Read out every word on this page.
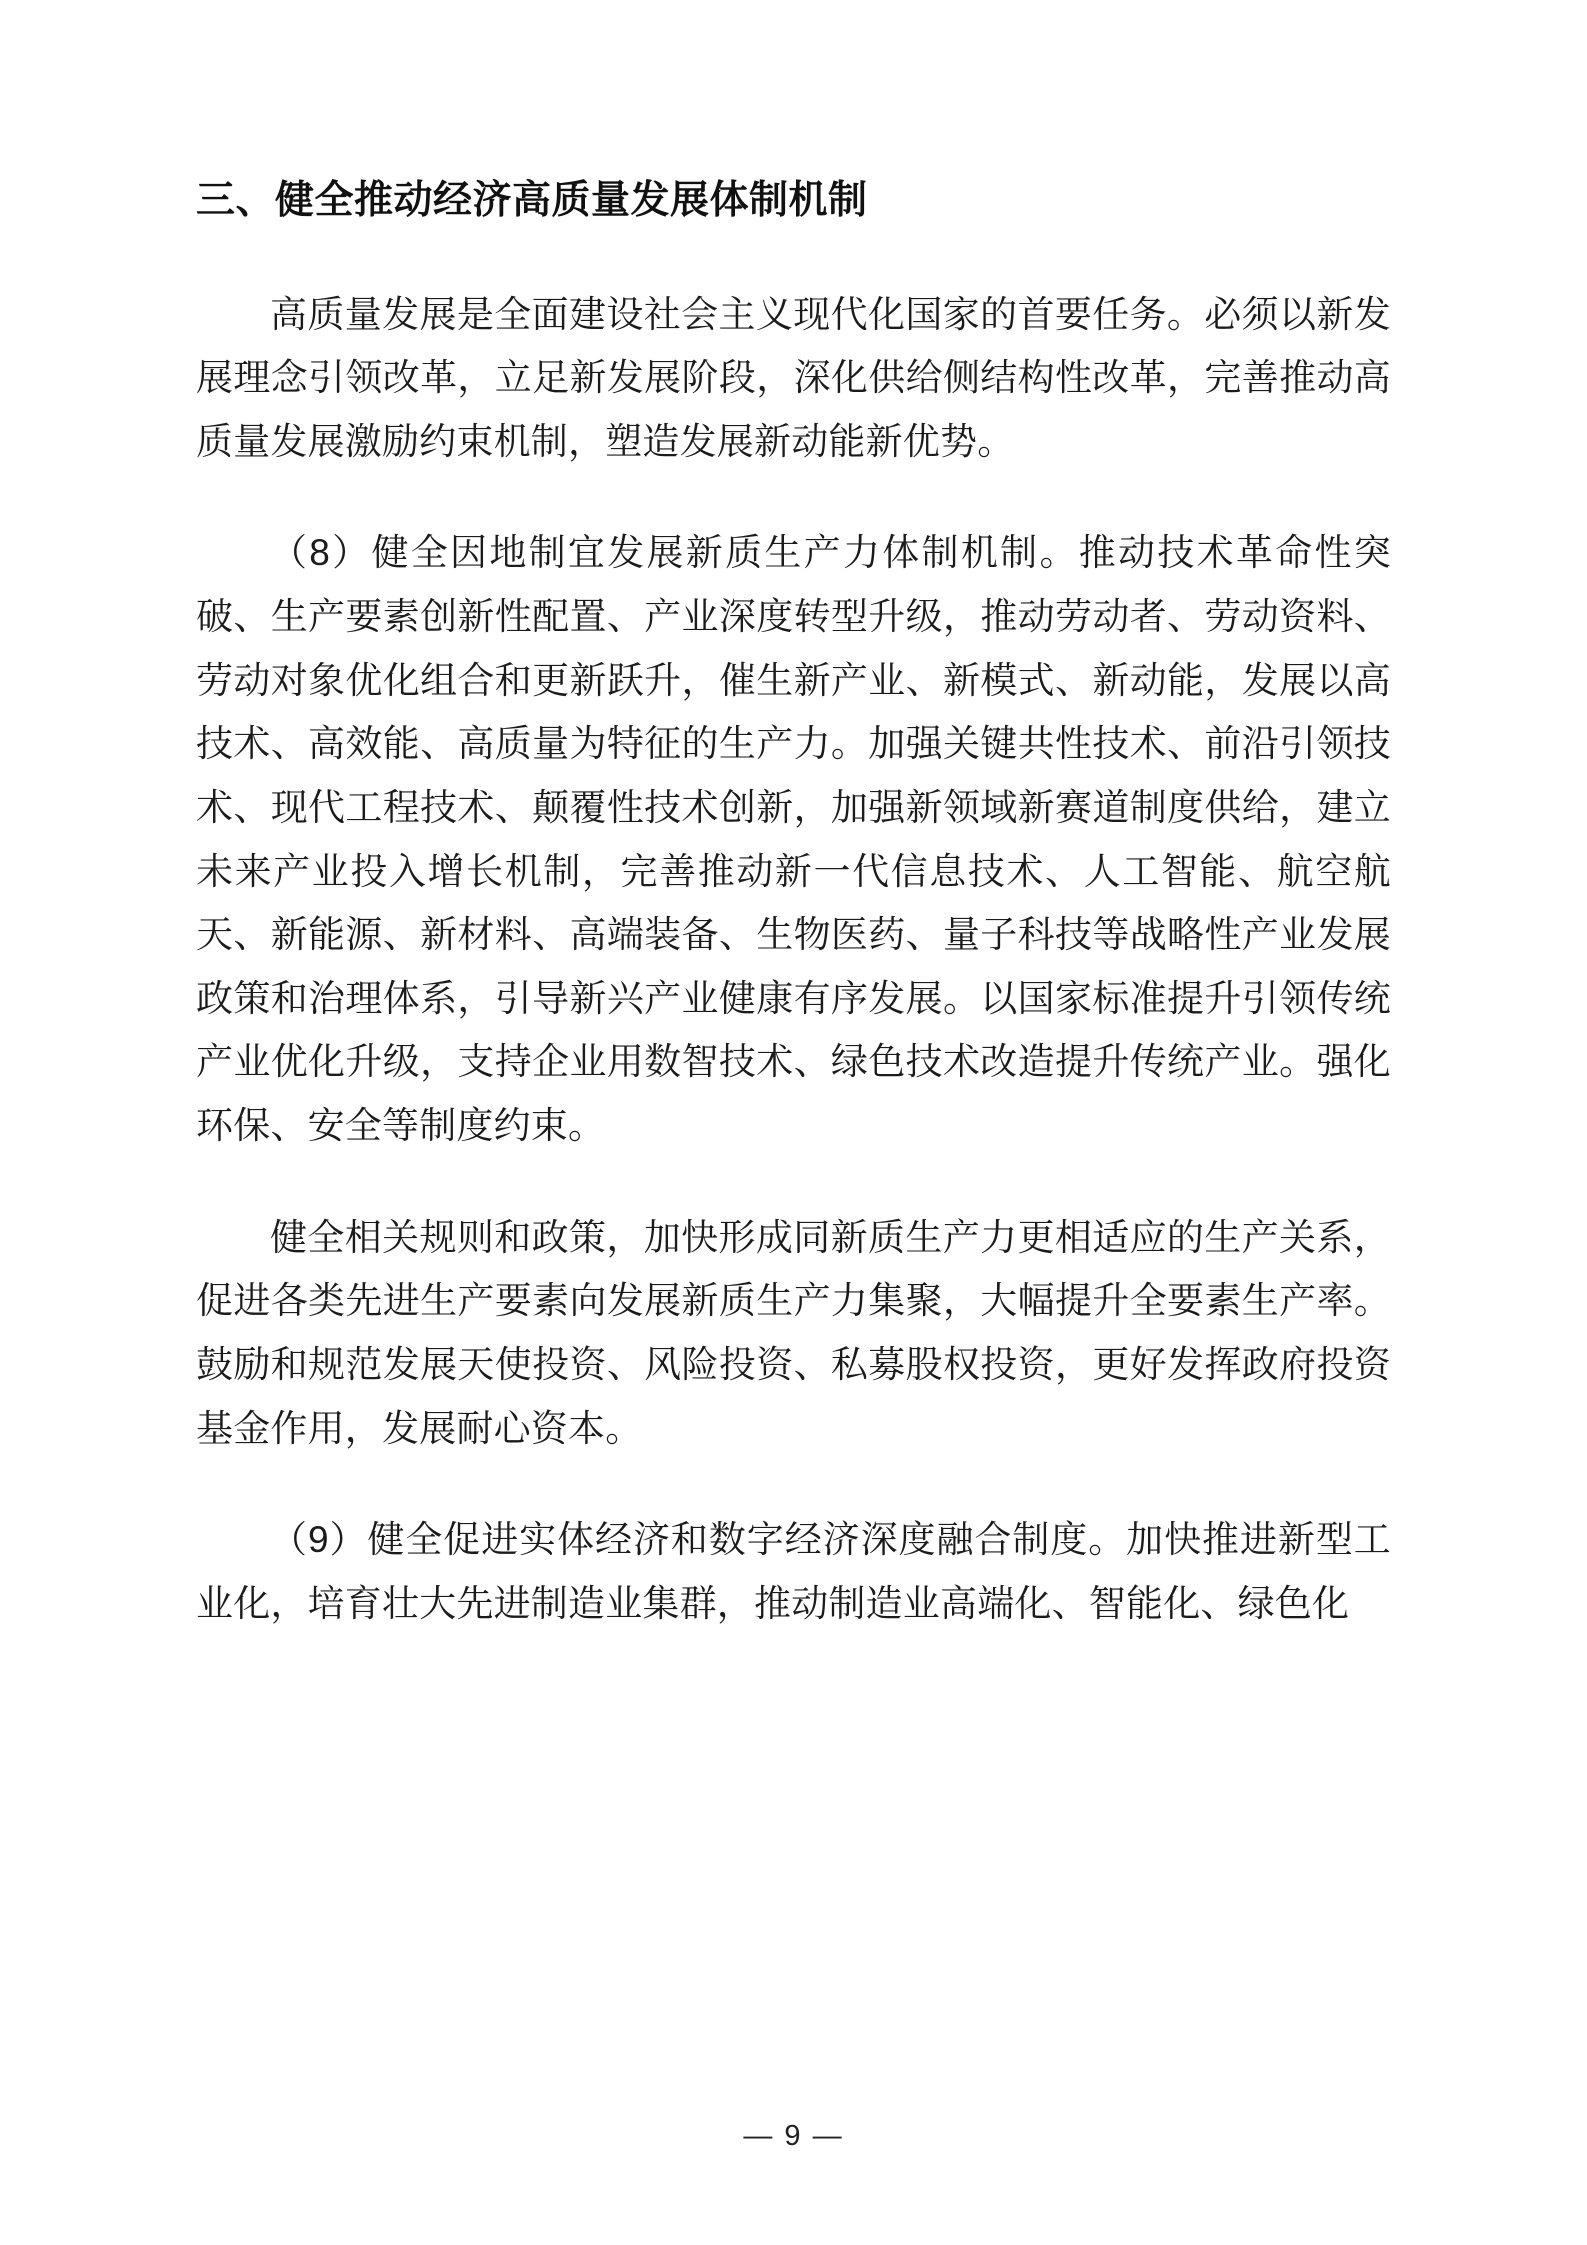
三、健全推动经济高质量发展体制机制

高质量发展是全面建设社会主义现代化国家的首要任务。必须以新发展理念引领改革，立足新发展阶段，深化供给侧结构性改革，完善推动高质量发展激励约束机制，塑造发展新动能新优势。

（8）健全因地制宜发展新质生产力体制机制。推动技术革命性突破、生产要素创新性配置、产业深度转型升级，推动劳动者、劳动资料、劳动对象优化组合和更新跃升，催生新产业、新模式、新动能，发展以高技术、高效能、高质量为特征的生产力。加强关键共性技术、前沿引领技术、现代工程技术、颠覆性技术创新，加强新领域新赛道制度供给，建立未来产业投入增长机制，完善推动新一代信息技术、人工智能、航空航天、新能源、新材料、高端装备、生物医药、量子科技等战略性产业发展政策和治理体系，引导新兴产业健康有序发展。以国家标准提升引领传统产业优化升级，支持企业用数智技术、绿色技术改造提升传统产业。强化环保、安全等制度约束。

健全相关规则和政策，加快形成同新质生产力更相适应的生产关系，促进各类先进生产要素向发展新质生产力集聚，大幅提升全要素生产率。鼓励和规范发展天使投资、风险投资、私募股权投资，更好发挥政府投资基金作用，发展耐心资本。

（9）健全促进实体经济和数字经济深度融合制度。加快推进新型工业化，培育壮大先进制造业集群，推动制造业高端化、智能化、绿色化

— 9 —
